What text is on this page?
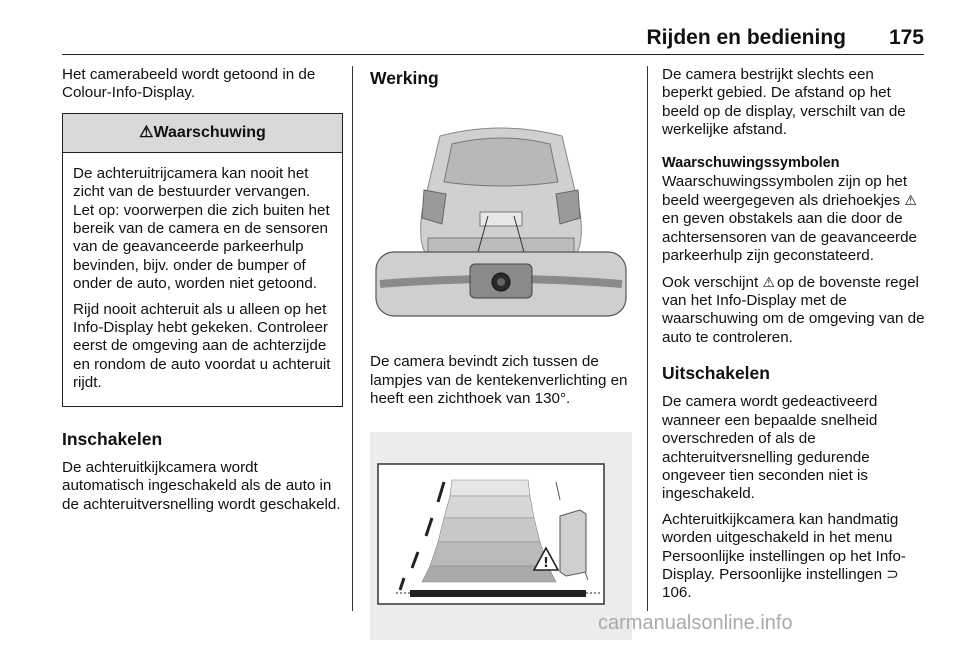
Rijden en bediening 175

Het camerabeeld wordt getoond in de Colour-Info-Display.

⚠Waarschuwing

De achteruitrijcamera kan nooit het zicht van de bestuurder vervangen. Let op: voorwerpen die zich buiten het bereik van de camera en de sensoren van de geavanceerde parkeerhulp bevinden, bijv. onder de bumper of onder de auto, worden niet getoond.

Rijd nooit achteruit als u alleen op het Info-Display hebt gekeken. Controleer eerst de omgeving aan de achterzijde en rondom de auto voordat u achteruit rijdt.

Inschakelen

De achteruitkijkcamera wordt automatisch ingeschakeld als de auto in de achteruitversnelling wordt geschakeld.

Werking

De camera bevindt zich tussen de lampjes van de kentekenverlichting en heeft een zichthoek van 130°.

!

De camera bestrijkt slechts een beperkt gebied. De afstand op het beeld op de display, verschilt van de werkelijke afstand.

Waarschuwingssymbolen

Waarschuwingssymbolen zijn op het beeld weergegeven als driehoekjes ⚠en geven obstakels aan die door de achtersensoren van de geavanceerde parkeerhulp zijn geconstateerd.

Ook verschijnt ⚠ op de bovenste regel van het Info-Display met de waarschuwing om de omgeving van de auto te controleren.

Uitschakelen

De camera wordt gedeactiveerd wanneer een bepaalde snelheid overschreden of als de achteruitversnelling gedurende ongeveer tien seconden niet is ingeschakeld.

Achteruitkijkcamera kan handmatig worden uitgeschakeld in het menu Persoonlijke instellingen op het Info-Display. Persoonlijke instellingen ⊃ 106.

carmanualsonline.info
